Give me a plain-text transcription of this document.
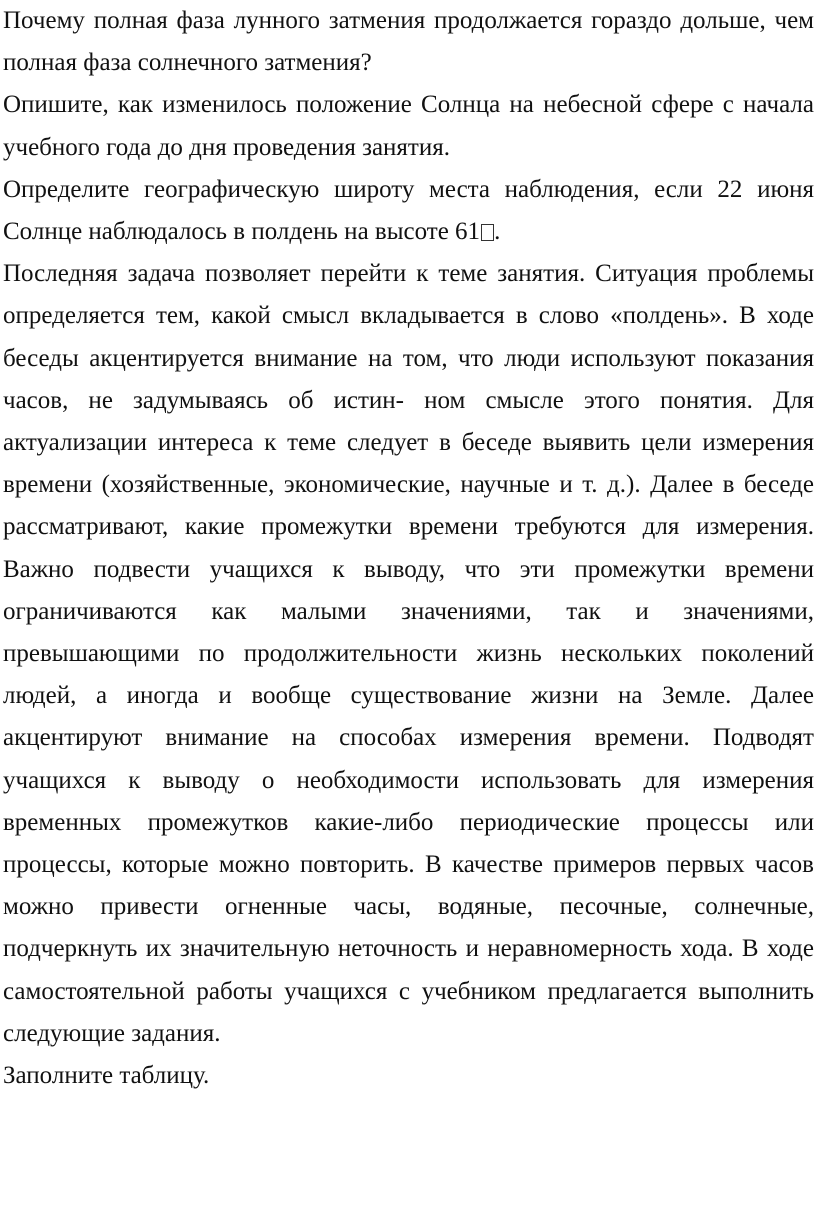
Почему полная фаза лунного затмения продолжается гораздо дольше, чем полная фаза солнечного затмения?

Опишите, как изменилось положение Солнца на небесной сфере с начала учебного года до дня проведения занятия.

Определите географическую широту места наблюдения, если 22 июня Солнце наблюдалось в полдень на высоте 61 .

Последняя задача позволяет перейти к теме занятия. Ситуация проблемы определяется тем, какой смысл вкладывается в слово «полдень». В ходе беседы акцентируется внимание на том, что люди используют показания часов, не задумываясь об истин- ном смысле этого понятия. Для актуализации интереса к теме следует в беседе выявить цели измерения времени (хозяйственные, экономические, научные и т. д.). Далее в беседе рассматривают, какие промежутки времени требуются для измерения. Важно подвести учащихся к выводу, что эти промежутки времени ограничиваются как малыми значениями, так и значениями, превышающими по продолжительности жизнь нескольких поколений людей, а иногда и вообще существование жизни на Земле. Далее акцентируют внимание на способах измерения времени. Подводят учащихся к выводу о необходимости использовать для измерения временных промежутков какие-либо периодические процессы или процессы, которые можно повторить. В качестве примеров первых часов можно привести огненные часы, водяные, песочные, солнечные, подчеркнуть их значительную неточность и неравномерность хода. В ходе самостоятельной работы учащихся с учебником предлагается выполнить следующие задания.

Заполните таблицу.
